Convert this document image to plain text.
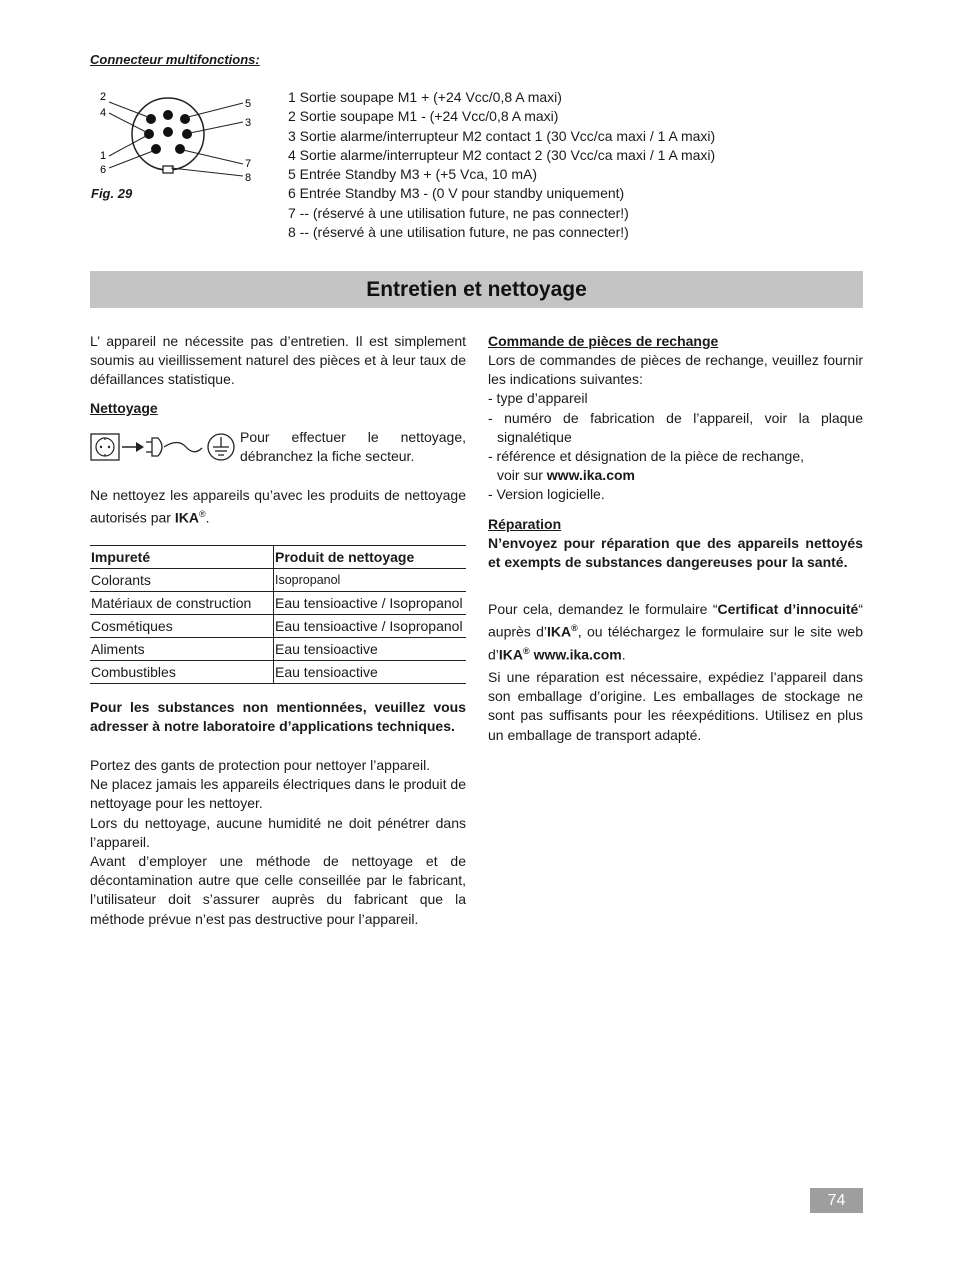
Connecteur multifonctions:
2
4
1
6
5
3
7
8
Fig. 29
1 Sortie soupape M1 + (+24 Vcc/0,8 A maxi)
2 Sortie soupape M1 - (+24 Vcc/0,8 A maxi)
3 Sortie alarme/interrupteur M2 contact 1 (30 Vcc/ca maxi / 1 A maxi)
4 Sortie alarme/interrupteur M2 contact 2 (30 Vcc/ca maxi / 1 A maxi)
5 Entrée Standby M3 + (+5 Vca, 10 mA)
6 Entrée Standby M3 - (0 V pour standby uniquement)
7 -- (réservé à une utilisation future, ne pas connecter!)
8 -- (réservé à une utilisation future, ne pas connecter!)
Entretien et nettoyage
L’ appareil ne nécessite pas d’entretien. Il est simplement soumis au vieillissement naturel des pièces et à leur taux de défaillances statistique.
Nettoyage
Pour effectuer le nettoyage, débranchez la fiche secteur.
Ne nettoyez les appareils qu’avec les produits de nettoyage autorisés par IKA®.
Impureté	Produit de nettoyage
Colorants	Isopropanol
Matériaux de construction	Eau tensioactive / Isopropanol
Cosmétiques	Eau tensioactive / Isopropanol
Aliments	Eau tensioactive
Combustibles	Eau tensioactive
Pour les substances non mentionnées, veuillez vous adresser à notre laboratoire d’applications techniques.
Portez des gants de protection pour nettoyer l’appareil.
Ne placez jamais les appareils électriques dans le produit de nettoyage pour les nettoyer.
Lors du nettoyage, aucune humidité ne doit pénétrer dans l’appareil.
Avant d’employer une méthode de nettoyage et de décontamination autre que celle conseillée par le fabricant, l’utilisateur doit s’assurer auprès du fabricant que la méthode prévue n’est pas destructive pour l’appareil.
Commande de pièces de rechange
Lors de commandes de pièces de rechange, veuillez fournir les indications suivantes:
- type d’appareil
- numéro de fabrication de l’appareil, voir la plaque signalétique
- référence et désignation de la pièce de rechange,
voir sur www.ika.com
- Version logicielle.
Réparation
N’envoyez pour réparation que des appareils nettoyés et exempts de substances dangereuses pour la santé.
Pour cela, demandez le formulaire “Certificat d’innocuité“ auprès d’IKA®, ou téléchargez le formulaire sur le site web d’IKA® www.ika.com.
Si une réparation est nécessaire, expédiez l’appareil dans son emballage d’origine. Les emballages de stockage ne sont pas suffisants pour les réexpéditions. Utilisez en plus un emballage de transport adapté.
74
